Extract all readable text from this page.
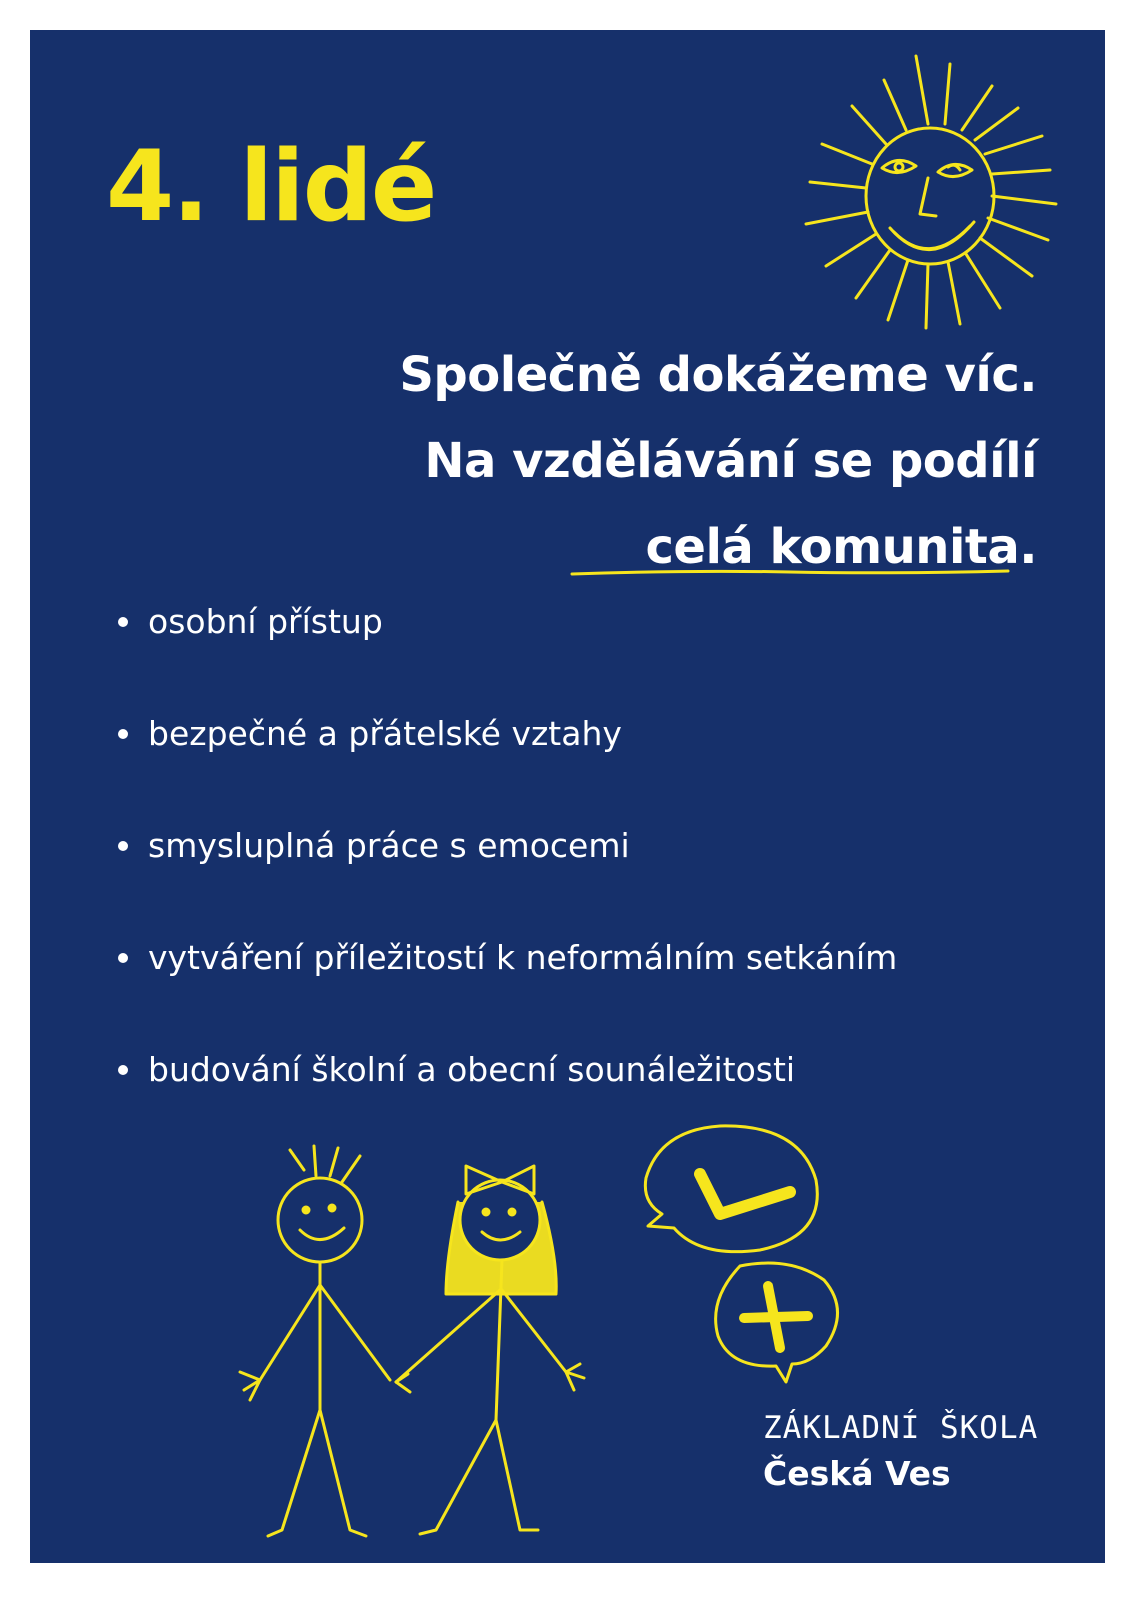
4. lidé
Společně dokážeme víc.
Na vzdělávání se podílí
celá komunita.
osobní přístup
bezpečné a přátelské vztahy
smysluplná práce s emocemi
vytváření příležitostí k neformálním setkáním
budování školní a obecní sounáležitosti
ZÁKLADNÍ ŠKOLA
Česká Ves
